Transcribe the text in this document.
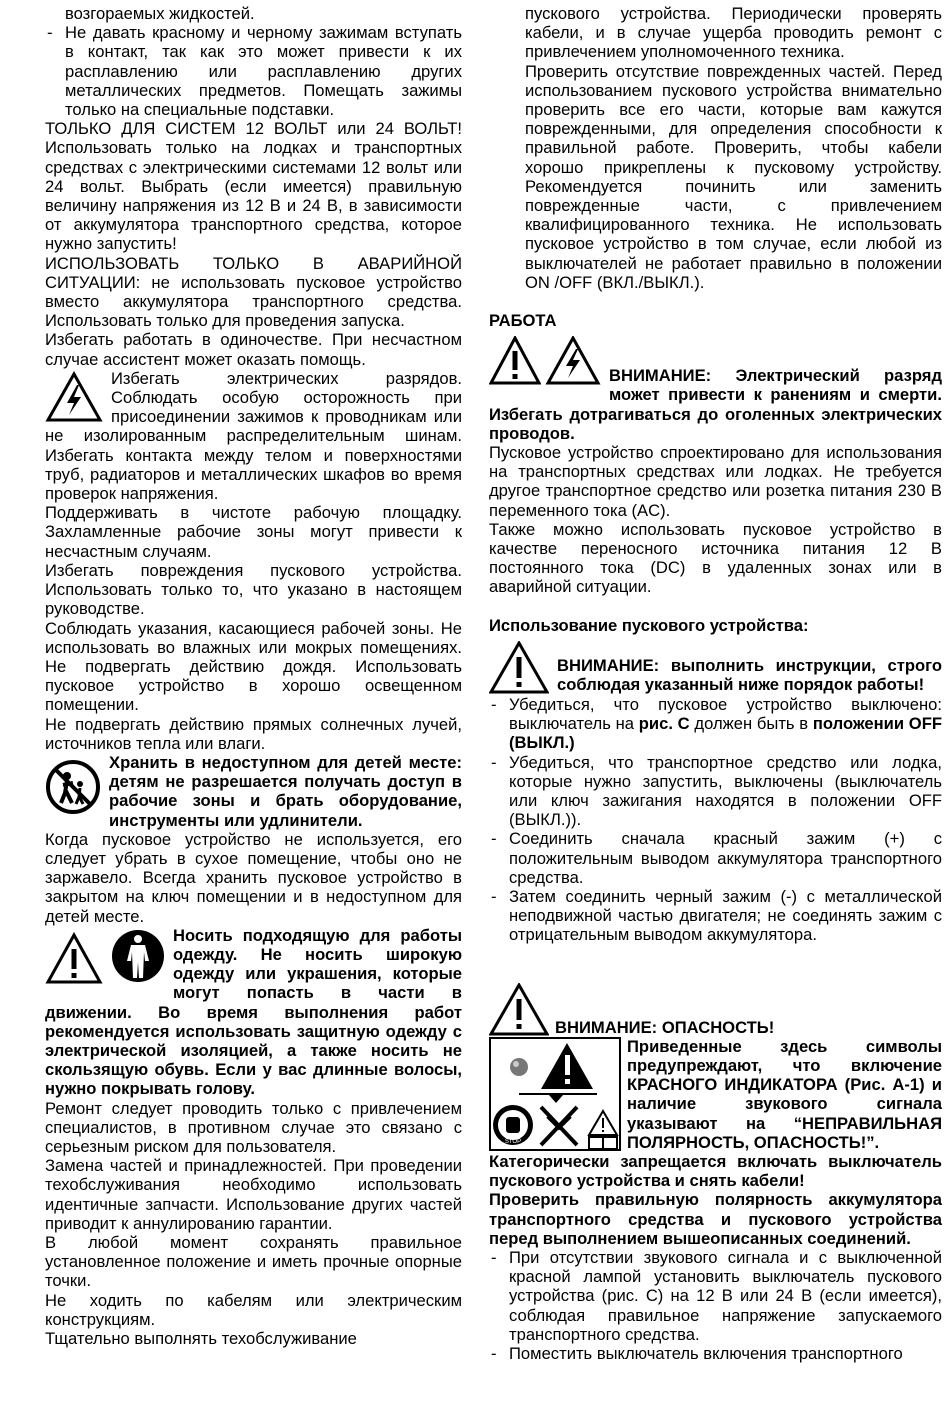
возгораемых жидкостей.

- Не давать красному и черному зажимам вступать в контакт, так как это может привести к их расплавлению или расплавлению других металлических предметов. Помещать зажимы только на специальные подставки.

ТОЛЬКО ДЛЯ СИСТЕМ 12 ВОЛЬТ или 24 ВОЛЬТ! Использовать только на лодках и транспортных средствах с электрическими системами 12 вольт или 24 вольт. Выбрать (если имеется) правильную величину напряжения из 12 В и 24 В, в зависимости от аккумулятора транспортного средства, которое нужно запустить!

ИСПОЛЬЗОВАТЬ ТОЛЬКО В АВАРИЙНОЙ СИТУАЦИИ: не использовать пусковое устройство вместо аккумулятора транспортного средства. Использовать только для проведения запуска.

Избегать работать в одиночестве. При несчастном случае ассистент может оказать помощь.

Избегать электрических разрядов. Соблюдать особую осторожность при присоединении зажимов к проводникам или не изолированным распределительным шинам. Избегать контакта между телом и поверхностями труб, радиаторов и металлических шкафов во время проверок напряжения.

Поддерживать в чистоте рабочую площадку. Захламленные рабочие зоны могут привести к несчастным случаям.

Избегать повреждения пускового устройства. Использовать только то, что указано в настоящем руководстве.

Соблюдать указания, касающиеся рабочей зоны. Не использовать во влажных или мокрых помещениях. Не подвергать действию дождя. Использовать пусковое устройство в хорошо освещенном помещении.

Не подвергать действию прямых солнечных лучей, источников тепла или влаги.

Хранить в недоступном для детей месте: детям не разрешается получать доступ в рабочие зоны и брать оборудование, инструменты или удлинители.

Когда пусковое устройство не используется, его следует убрать в сухое помещение, чтобы оно не заржавело. Всегда хранить пусковое устройство в закрытом на ключ помещении и в недоступном для детей месте.

Носить подходящую для работы одежду. Не носить широкую одежду или украшения, которые могут попасть в части в движении. Во время выполнения работ рекомендуется использовать защитную одежду с электрической изоляцией, а также носить не скользящую обувь. Если у вас длинные волосы, нужно покрывать голову.

Ремонт следует проводить только с привлечением специалистов, в противном случае это связано с серьезным риском для пользователя.

Замена частей и принадлежностей. При проведении техобслуживания необходимо использовать идентичные запчасти. Использование других частей приводит к аннулированию гарантии.

В любой момент сохранять правильное установленное положение и иметь прочные опорные точки.

Не ходить по кабелям или электрическим конструкциям.

Тщательно выполнять техобслуживание

пускового устройства. Периодически проверять кабели, и в случае ущерба проводить ремонт с привлечением уполномоченного техника.

Проверить отсутствие поврежденных частей. Перед использованием пускового устройства внимательно проверить все его части, которые вам кажутся поврежденными, для определения способности к правильной работе. Проверить, чтобы кабели хорошо прикреплены к пусковому устройству. Рекомендуется починить или заменить поврежденные части, с привлечением квалифицированного техника. Не использовать пусковое устройство в том случае, если любой из выключателей не работает правильно в положении ON /OFF (ВКЛ./ВЫКЛ.).

РАБОТА

ВНИМАНИЕ: Электрический разряд может привести к ранениям и смерти. Избегать дотрагиваться до оголенных электрических проводов.

Пусковое устройство спроектировано для использования на транспортных средствах или лодках. Не требуется другое транспортное средство или розетка питания 230 В переменного тока (AC).

Также можно использовать пусковое устройство в качестве переносного источника питания 12 В постоянного тока (DC) в удаленных зонах или в аварийной ситуации.

Использование пускового устройства:

ВНИМАНИЕ: выполнить инструкции, строго соблюдая указанный ниже порядок работы!

- Убедиться, что пусковое устройство выключено: выключатель на рис. С должен быть в положении OFF (ВЫКЛ.)

- Убедиться, что транспортное средство или лодка, которые нужно запустить, выключены (выключатель или ключ зажигания находятся в положении OFF (ВЫКЛ.)).

- Соединить сначала красный зажим (+) с положительным выводом аккумулятора транспортного средства.

- Затем соединить черный зажим (-) с металлической неподвижной частью двигателя; не соединять зажим с отрицательным выводом аккумулятора.

ВНИМАНИЕ: ОПАСНОСТЬ!

STOP

Приведенные здесь символы предупреждают, что включение КРАСНОГО ИНДИКАТОРА (Рис. А-1) и наличие звукового сигнала указывают на “НЕПРАВИЛЬНАЯ ПОЛЯРНОСТЬ, ОПАСНОСТЬ!”.

Категорически запрещается включать выключатель пускового устройства и снять кабели!

Проверить правильную полярность аккумулятора транспортного средства и пускового устройства перед выполнением вышеописанных соединений.

- При отсутствии звукового сигнала и с выключенной красной лампой установить выключатель пускового устройства (рис. С) на 12 В или 24 В (если имеется), соблюдая правильное напряжение запускаемого транспортного средства.

- Поместить выключатель включения транспортного
